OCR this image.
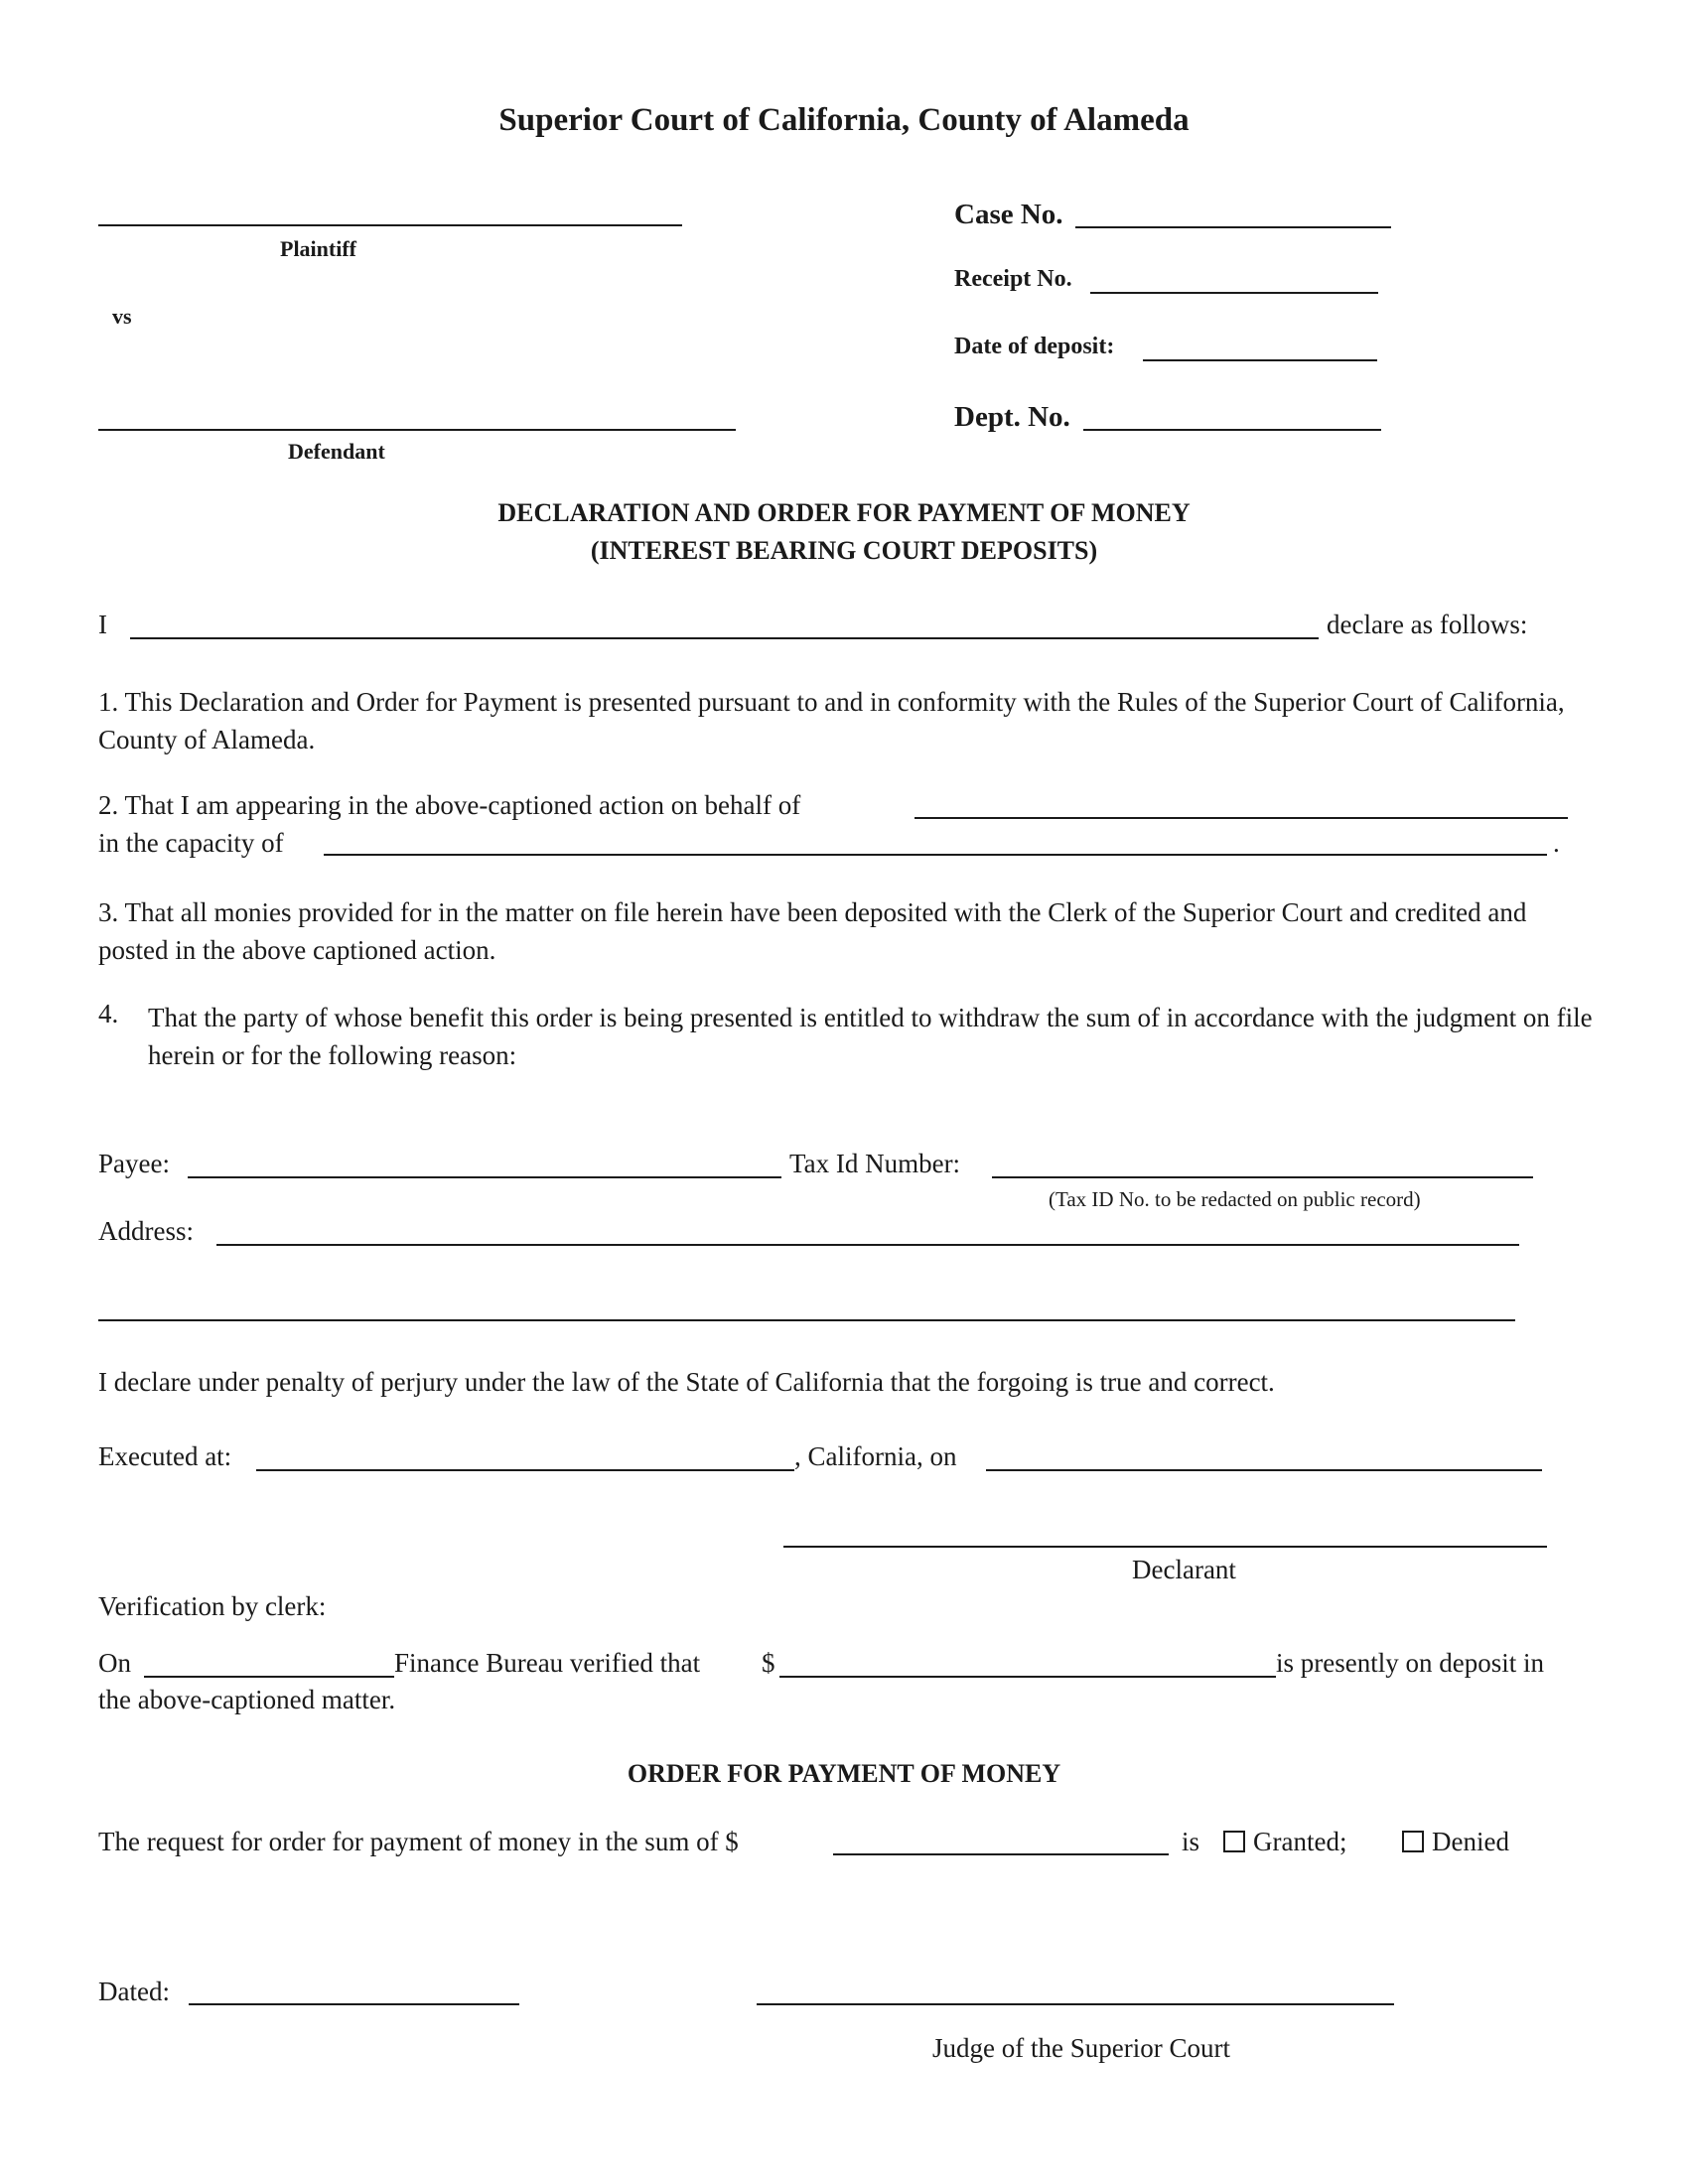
Superior Court of California, County of Alameda
Plaintiff
vs
Defendant
Case No.
Receipt No.
Date of deposit:
Dept. No.
DECLARATION AND ORDER FOR PAYMENT OF MONEY
(INTEREST BEARING COURT DEPOSITS)
I	declare as follows:
1. This Declaration and Order for Payment is presented pursuant to and in conformity with the Rules of the Superior Court of California, County of Alameda.
2. That I am appearing in the above-captioned action on behalf of
in the capacity of	.
3. That all monies provided for in the matter on file herein have been deposited with the Clerk of the Superior Court and credited and posted in the above captioned action.
4. That the party of whose benefit this order is being presented is entitled to withdraw the sum of in accordance with the judgment on file herein or for the following reason:
Payee:	Tax Id Number:
(Tax ID No. to be redacted on public record)
Address:
I declare under penalty of perjury under the law of the State of California that the forgoing is true and correct.
Executed at:	, California, on
Declarant
Verification by clerk:
On	Finance Bureau verified that $	is presently on deposit in
the above-captioned matter.
ORDER FOR PAYMENT OF MONEY
The request for order for payment of money in the sum of $	is	Granted;	Denied
Dated:
Judge of the Superior Court
